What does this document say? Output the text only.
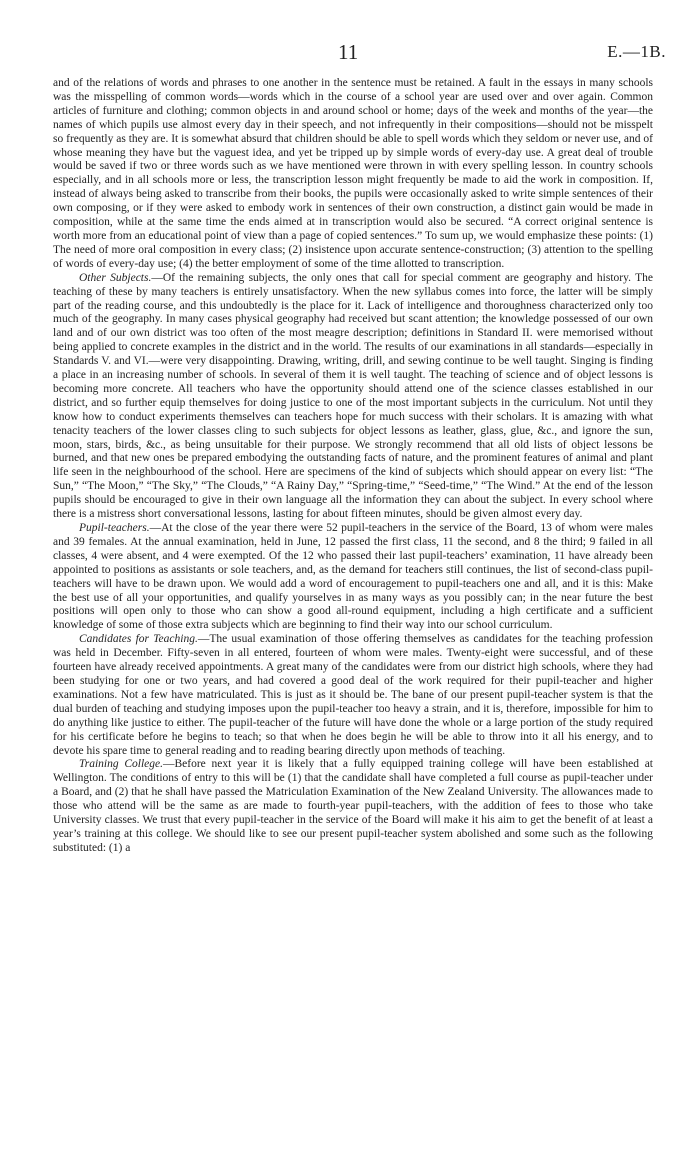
11	E.—1B.

and of the relations of words and phrases to one another in the sentence must be retained. A fault in the essays in many schools was the misspelling of common words—words which in the course of a school year are used over and over again. Common articles of furniture and clothing; common objects in and around school or home; days of the week and months of the year—the names of which pupils use almost every day in their speech, and not infrequently in their compositions—should not be misspelt so frequently as they are. It is somewhat absurd that children should be able to spell words which they seldom or never use, and of whose meaning they have but the vaguest idea, and yet be tripped up by simple words of every-day use. A great deal of trouble would be saved if two or three words such as we have mentioned were thrown in with every spelling lesson. In country schools especially, and in all schools more or less, the transcription lesson might frequently be made to aid the work in composition. If, instead of always being asked to transcribe from their books, the pupils were occasionally asked to write simple sentences of their own composing, or if they were asked to embody work in sentences of their own construction, a distinct gain would be made in composition, while at the same time the ends aimed at in transcription would also be secured. “A correct original sentence is worth more from an educational point of view than a page of copied sentences.” To sum up, we would emphasize these points: (1) The need of more oral composition in every class; (2) insistence upon accurate sentence-construction; (3) attention to the spelling of words of every-day use; (4) the better employment of some of the time allotted to transcription.

Other Subjects.—Of the remaining subjects, the only ones that call for special comment are geography and history. The teaching of these by many teachers is entirely unsatisfactory. When the new syllabus comes into force, the latter will be simply part of the reading course, and this undoubtedly is the place for it. Lack of intelligence and thoroughness characterized only too much of the geography. In many cases physical geography had received but scant attention; the knowledge possessed of our own land and of our own district was too often of the most meagre description; definitions in Standard II. were memorised without being applied to concrete examples in the district and in the world. The results of our examinations in all standards—especially in Standards V. and VI.—were very disappointing. Drawing, writing, drill, and sewing continue to be well taught. Singing is finding a place in an increasing number of schools. In several of them it is well taught. The teaching of science and of object lessons is becoming more concrete. All teachers who have the opportunity should attend one of the science classes established in our district, and so further equip themselves for doing justice to one of the most important subjects in the curriculum. Not until they know how to conduct experiments themselves can teachers hope for much success with their scholars. It is amazing with what tenacity teachers of the lower classes cling to such subjects for object lessons as leather, glass, glue, &c., and ignore the sun, moon, stars, birds, &c., as being unsuitable for their purpose. We strongly recommend that all old lists of object lessons be burned, and that new ones be prepared embodying the outstanding facts of nature, and the prominent features of animal and plant life seen in the neighbourhood of the school. Here are specimens of the kind of subjects which should appear on every list: “The Sun,” “The Moon,” “The Sky,” “The Clouds,” “A Rainy Day,” “Spring-time,” “Seed-time,” “The Wind.” At the end of the lesson pupils should be encouraged to give in their own language all the information they can about the subject. In every school where there is a mistress short conversational lessons, lasting for about fifteen minutes, should be given almost every day.

Pupil-teachers.—At the close of the year there were 52 pupil-teachers in the service of the Board, 13 of whom were males and 39 females. At the annual examination, held in June, 12 passed the first class, 11 the second, and 8 the third; 9 failed in all classes, 4 were absent, and 4 were exempted. Of the 12 who passed their last pupil-teachers’ examination, 11 have already been appointed to positions as assistants or sole teachers, and, as the demand for teachers still continues, the list of second-class pupil-teachers will have to be drawn upon. We would add a word of encouragement to pupil-teachers one and all, and it is this: Make the best use of all your opportunities, and qualify yourselves in as many ways as you possibly can; in the near future the best positions will open only to those who can show a good all-round equipment, including a high certificate and a sufficient knowledge of some of those extra subjects which are beginning to find their way into our school curriculum.

Candidates for Teaching.—The usual examination of those offering themselves as candidates for the teaching profession was held in December. Fifty-seven in all entered, fourteen of whom were males. Twenty-eight were successful, and of these fourteen have already received appointments. A great many of the candidates were from our district high schools, where they had been studying for one or two years, and had covered a good deal of the work required for their pupil-teacher and higher examinations. Not a few have matriculated. This is just as it should be. The bane of our present pupil-teacher system is that the dual burden of teaching and studying imposes upon the pupil-teacher too heavy a strain, and it is, therefore, impossible for him to do anything like justice to either. The pupil-teacher of the future will have done the whole or a large portion of the study required for his certificate before he begins to teach; so that when he does begin he will be able to throw into it all his energy, and to devote his spare time to general reading and to reading bearing directly upon methods of teaching.

Training College.—Before next year it is likely that a fully equipped training college will have been established at Wellington. The conditions of entry to this will be (1) that the candidate shall have completed a full course as pupil-teacher under a Board, and (2) that he shall have passed the Matriculation Examination of the New Zealand University. The allowances made to those who attend will be the same as are made to fourth-year pupil-teachers, with the addition of fees to those who take University classes. We trust that every pupil-teacher in the service of the Board will make it his aim to get the benefit of at least a year’s training at this college. We should like to see our present pupil-teacher system abolished and some such as the following substituted: (1) a
